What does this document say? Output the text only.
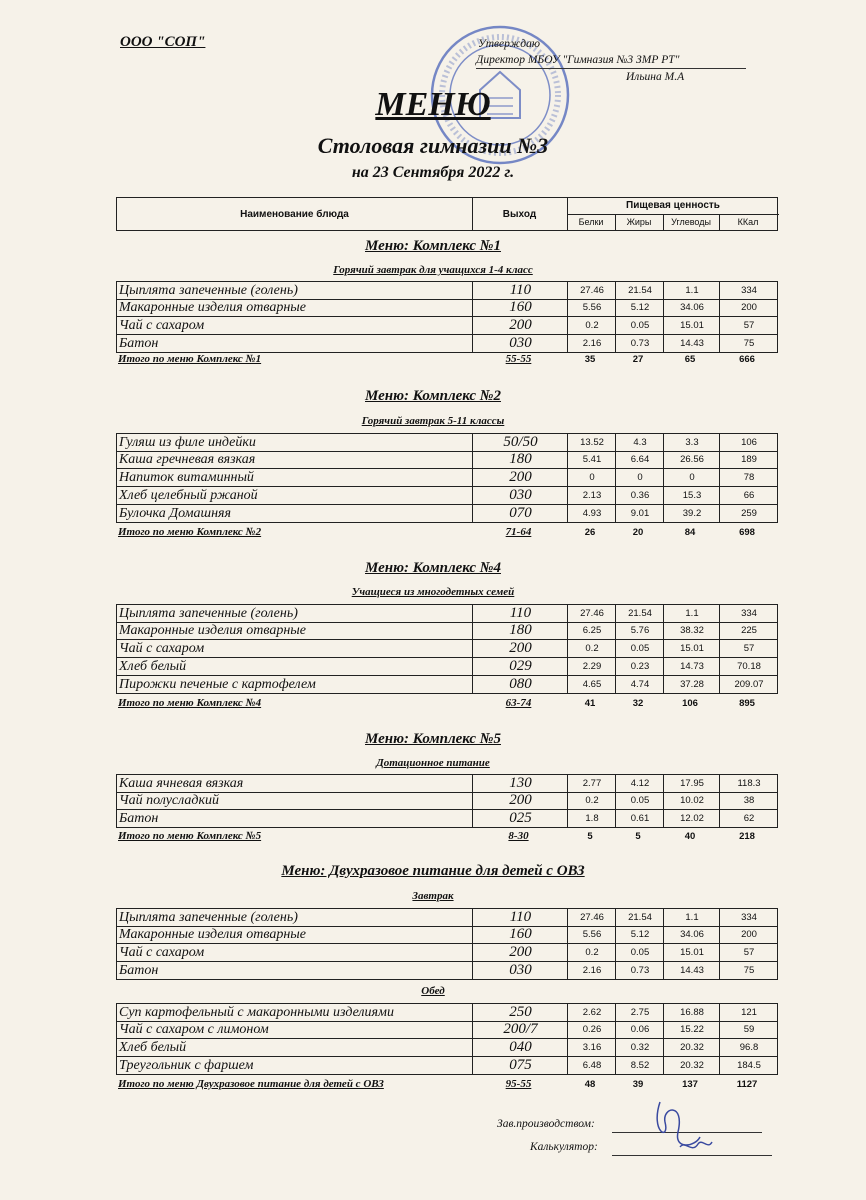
ООО "СОП"	Утверждаю
Директор МБОУ "Гимназия №3 ЗМР РТ"
Ильина М.А
МЕНЮ
Столовая гимназии №3
на 23 Сентября 2022 г.
Наименование блюда	Выход
Пищевая ценность
Белки	Жиры	Углеводы	ККал
Меню: Комплекс №1
Горячий завтрак для учащихся 1-4 класс
Цыплята запеченные (голень)	110	27.46	21.54	1.1	334
Макаронные изделия отварные	160	5.56	5.12	34.06	200
Чай с сахаром	200	0.2	0.05	15.01	57
Батон	030	2.16	0.73	14.43	75
Итого по меню Комплекс №1	55-55	35	27	65	666
Меню: Комплекс №2
Горячий завтрак 5-11 классы
Гуляш из филе индейки	50/50	13.52	4.3	3.3	106
Каша гречневая вязкая	180	5.41	6.64	26.56	189
Напиток витаминный	200	0	0	0	78
Хлеб целебный ржаной	030	2.13	0.36	15.3	66
Булочка Домашняя	070	4.93	9.01	39.2	259
Итого по меню Комплекс №2	71-64	26	20	84	698
Меню: Комплекс №4
Учащиеся из многодетных семей
Цыплята запеченные (голень)	110	27.46	21.54	1.1	334
Макаронные изделия отварные	180	6.25	5.76	38.32	225
Чай с сахаром	200	0.2	0.05	15.01	57
Хлеб белый	029	2.29	0.23	14.73	70.18
Пирожки печеные с картофелем	080	4.65	4.74	37.28	209.07
Итого по меню Комплекс №4	63-74	41	32	106	895
Меню: Комплекс №5
Дотационное питание
Каша ячневая вязкая	130	2.77	4.12	17.95	118.3
Чай полусладкий	200	0.2	0.05	10.02	38
Батон	025	1.8	0.61	12.02	62
Итого по меню Комплекс №5	8-30	5	5	40	218
Меню: Двухразовое питание для детей с ОВЗ
Завтрак
Цыплята запеченные (голень)	110	27.46	21.54	1.1	334
Макаронные изделия отварные	160	5.56	5.12	34.06	200
Чай с сахаром	200	0.2	0.05	15.01	57
Батон	030	2.16	0.73	14.43	75
Обед
Суп картофельный с макаронными изделиями	250	2.62	2.75	16.88	121
Чай с сахаром с лимоном	200/7	0.26	0.06	15.22	59
Хлеб белый	040	3.16	0.32	20.32	96.8
Треугольник с фаршем	075	6.48	8.52	20.32	184.5
Итого по меню Двухразовое питание для детей с ОВЗ	95-55	48	39	137	1127
Зав.производством:
Калькулятор:
